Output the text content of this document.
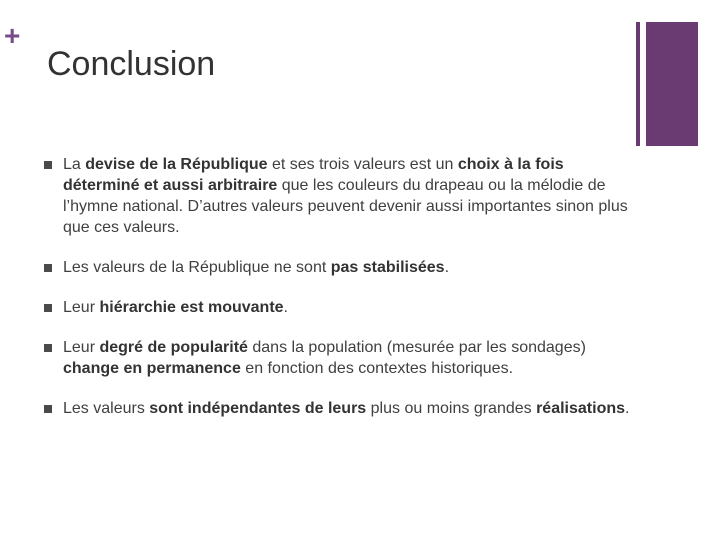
+
Conclusion
La devise de la République et ses trois valeurs est un choix à la fois déterminé et aussi arbitraire que les couleurs du drapeau ou la mélodie de l’hymne national. D’autres valeurs peuvent devenir aussi importantes sinon plus que ces valeurs.
Les valeurs de la République ne sont pas stabilisées.
Leur hiérarchie est mouvante.
Leur degré de popularité dans la population (mesurée par les sondages) change en permanence en fonction des contextes historiques.
Les valeurs sont indépendantes de leurs plus ou moins grandes réalisations.
